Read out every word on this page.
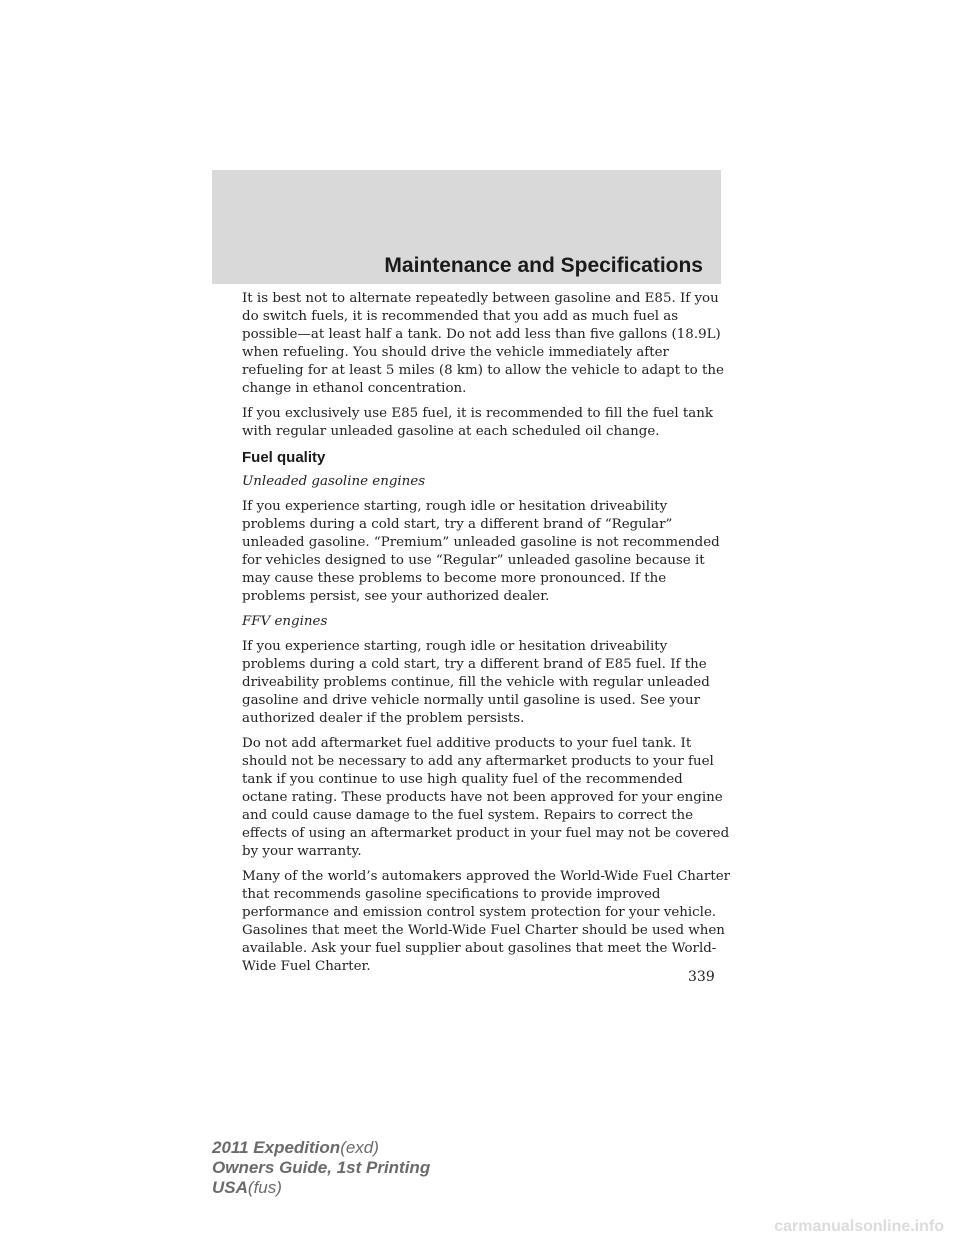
Maintenance and Specifications

It is best not to alternate repeatedly between gasoline and E85. If you do switch fuels, it is recommended that you add as much fuel as possible—at least half a tank. Do not add less than five gallons (18.9L) when refueling. You should drive the vehicle immediately after refueling for at least 5 miles (8 km) to allow the vehicle to adapt to the change in ethanol concentration.

If you exclusively use E85 fuel, it is recommended to fill the fuel tank with regular unleaded gasoline at each scheduled oil change.

Fuel quality

Unleaded gasoline engines

If you experience starting, rough idle or hesitation driveability problems during a cold start, try a different brand of “Regular” unleaded gasoline. “Premium” unleaded gasoline is not recommended for vehicles designed to use “Regular” unleaded gasoline because it may cause these problems to become more pronounced. If the problems persist, see your authorized dealer.

FFV engines

If you experience starting, rough idle or hesitation driveability problems during a cold start, try a different brand of E85 fuel. If the driveability problems continue, fill the vehicle with regular unleaded gasoline and drive vehicle normally until gasoline is used. See your authorized dealer if the problem persists.

Do not add aftermarket fuel additive products to your fuel tank. It should not be necessary to add any aftermarket products to your fuel tank if you continue to use high quality fuel of the recommended octane rating. These products have not been approved for your engine and could cause damage to the fuel system. Repairs to correct the effects of using an aftermarket product in your fuel may not be covered by your warranty.

Many of the world’s automakers approved the World-Wide Fuel Charter that recommends gasoline specifications to provide improved performance and emission control system protection for your vehicle. Gasolines that meet the World-Wide Fuel Charter should be used when available. Ask your fuel supplier about gasolines that meet the World-Wide Fuel Charter.

339
2011 Expedition(exd)
Owners Guide, 1st Printing
USA(fus)
carmanualsonline.info
